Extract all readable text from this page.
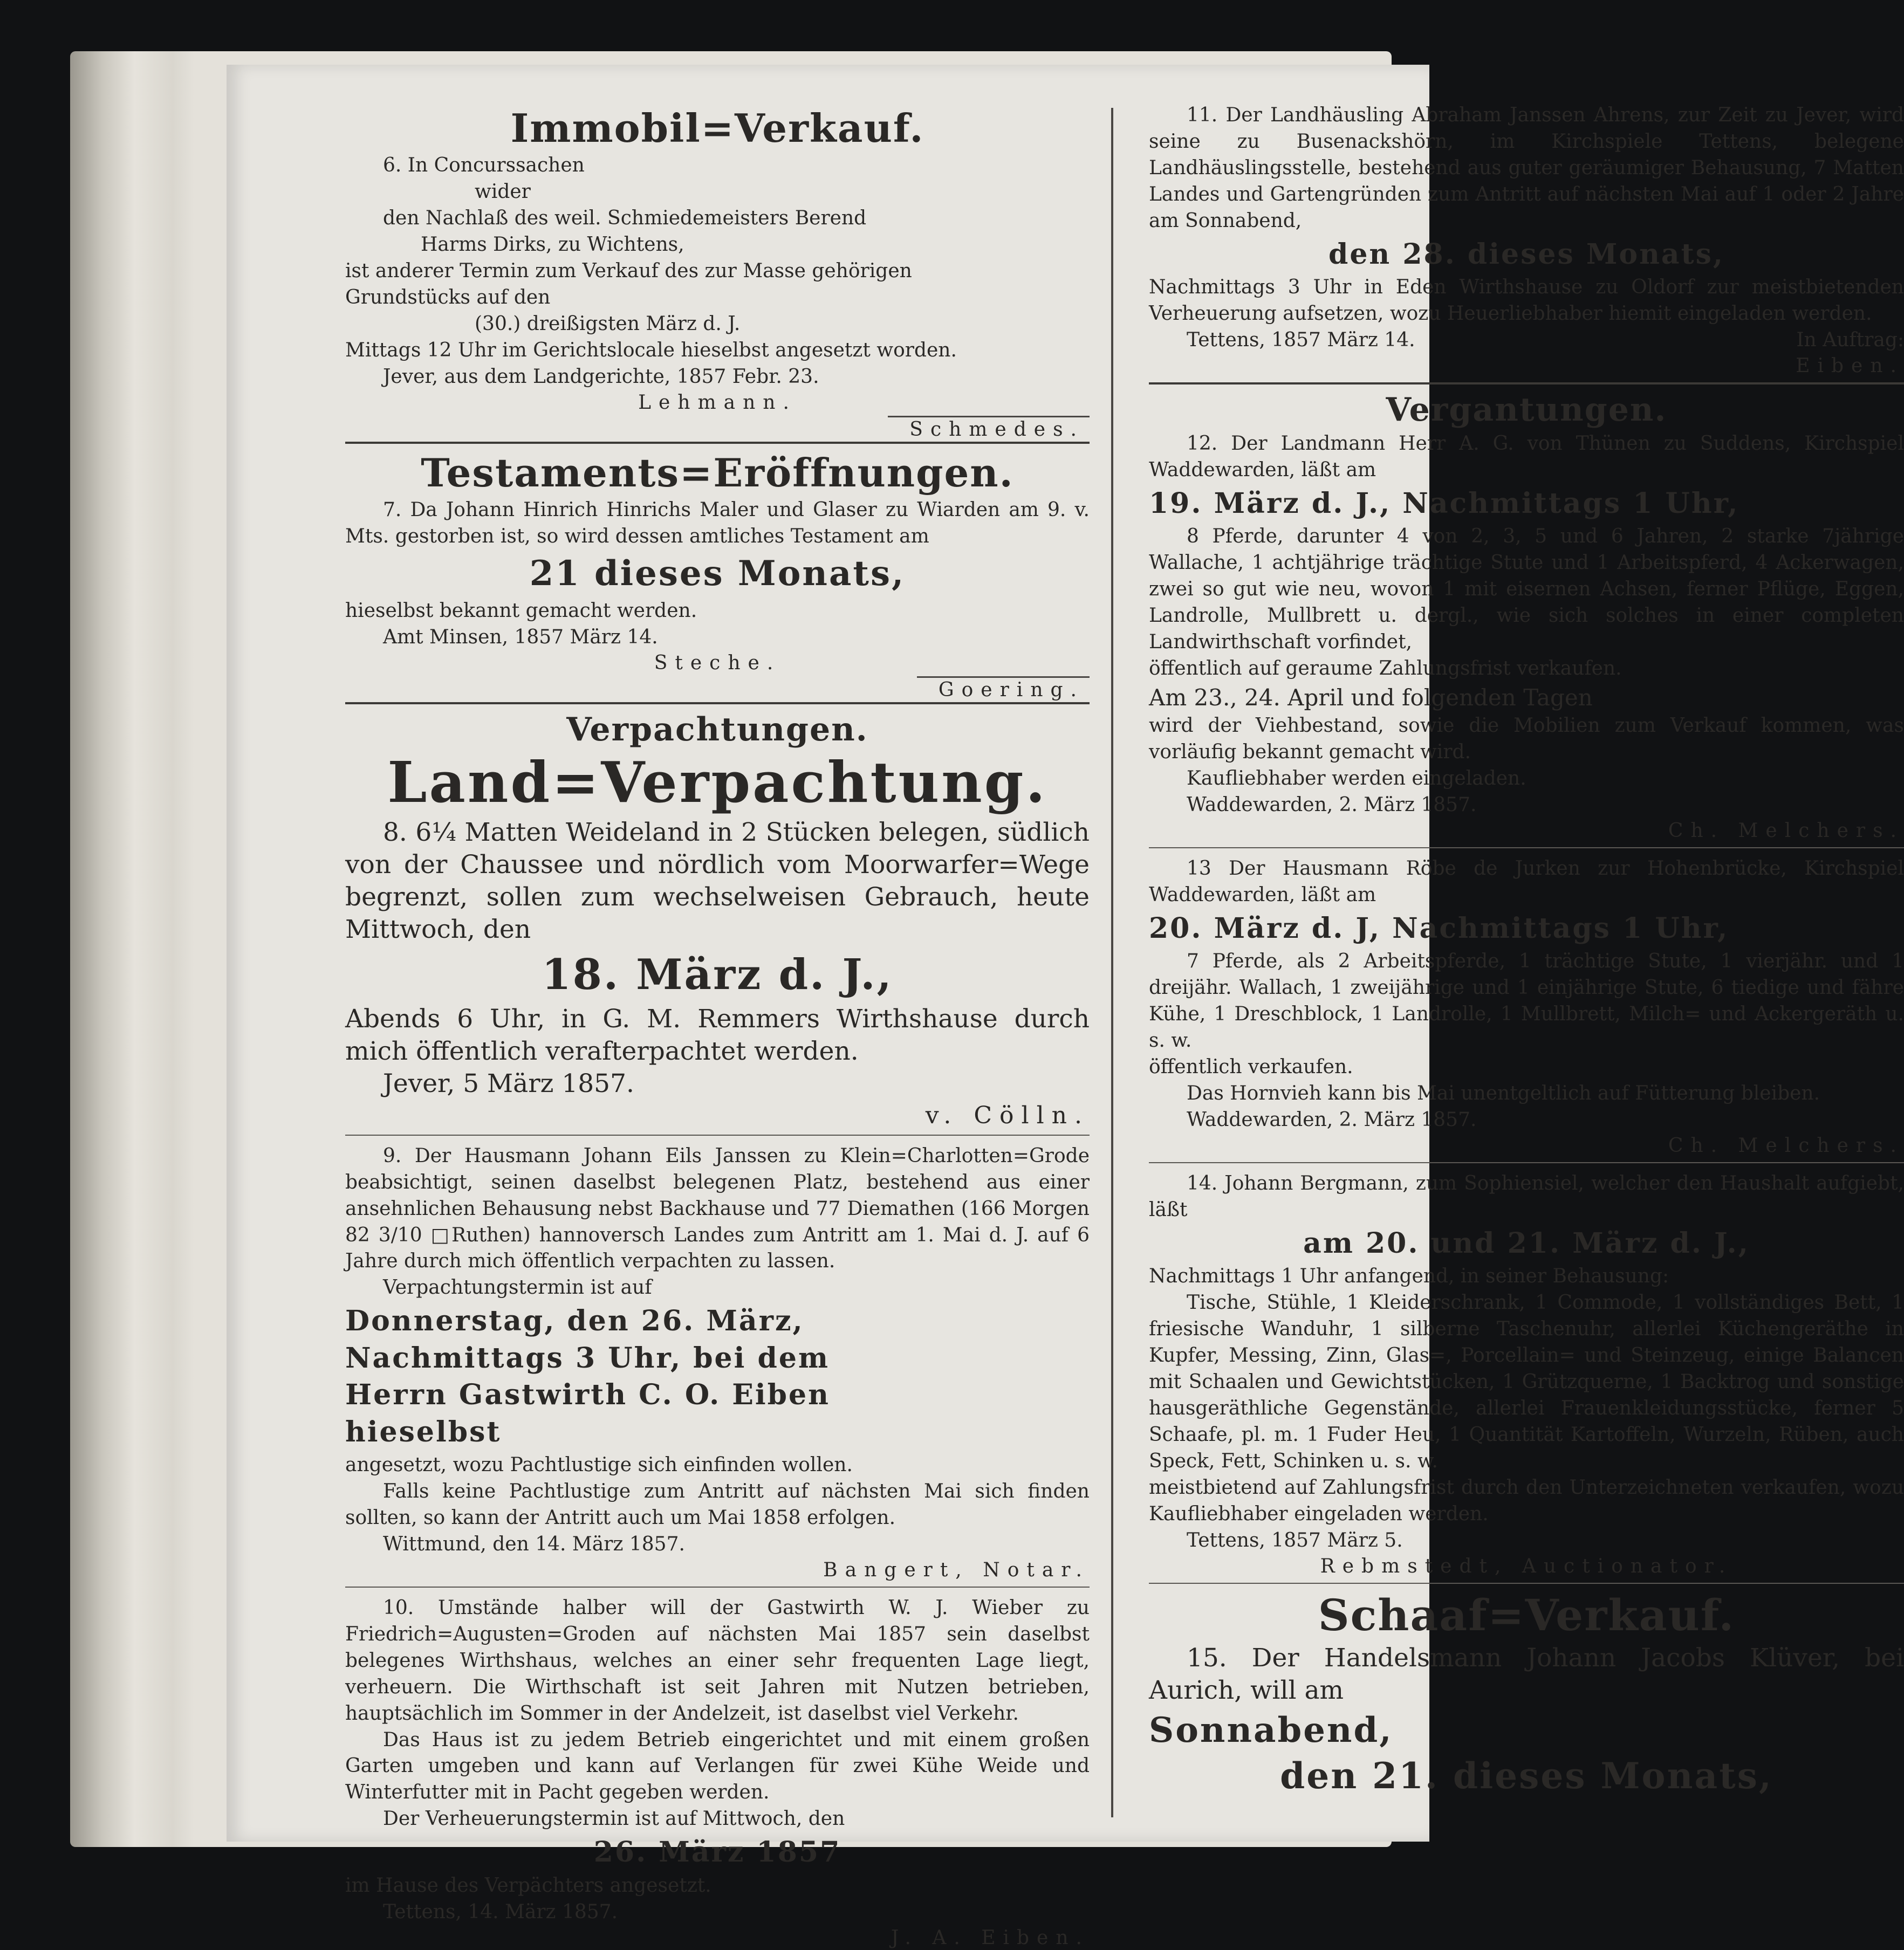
Immobil=Verkauf.

6. In Concurssachen

wider

den Nachlaß des weil. Schmiedemeisters Berend

Harms Dirks, zu Wichtens,

ist anderer Termin zum Verkauf des zur Masse gehörigen

Grundstücks auf den

(30.) dreißigsten März d. J.

Mittags 12 Uhr im Gerichtslocale hieselbst angesetzt worden.

Jever, aus dem Landgerichte, 1857 Febr. 23.

Lehmann.

Schmedes.
Testaments=Eröffnungen.

7. Da Johann Hinrich Hinrichs Maler und Glaser zu Wiarden am 9. v. Mts. gestorben ist, so wird dessen amtliches Testament am

21 dieses Monats,

hieselbst bekannt gemacht werden.

Amt Minsen, 1857 März 14.

Steche.

Goering.
Verpachtungen.
Land=Verpachtung.

8. 6¼ Matten Weideland in 2 Stücken belegen, südlich von der Chaussee und nördlich vom Moorwarfer=Wege begrenzt, sollen zum wechselweisen Gebrauch, heute Mittwoch, den

18. März d. J.,

Abends 6 Uhr, in G. M. Remmers Wirthshause durch mich öffentlich verafterpachtet werden.

Jever, 5 März 1857.

v. Cölln.

9. Der Hausmann Johann Eils Janssen zu Klein=Charlotten=Grode beabsichtigt, seinen daselbst belegenen Platz, bestehend aus einer ansehnlichen Behausung nebst Backhause und 77 Diemathen (166 Morgen 82 3/10 □Ruthen) hannoversch Landes zum Antritt am 1. Mai d. J. auf 6 Jahre durch mich öffentlich verpachten zu lassen.

Verpachtungstermin ist auf

Donnerstag, den 26. März,
Nachmittags 3 Uhr, bei dem
Herrn Gastwirth C. O. Eiben
hieselbst

angesetzt, wozu Pachtlustige sich einfinden wollen.

Falls keine Pachtlustige zum Antritt auf nächsten Mai sich finden sollten, so kann der Antritt auch um Mai 1858 erfolgen.

Wittmund, den 14. März 1857.

Bangert, Notar.

10. Umstände halber will der Gastwirth W. J. Wieber zu Friedrich=Augusten=Groden auf nächsten Mai 1857 sein daselbst belegenes Wirthshaus, welches an einer sehr frequenten Lage liegt, verheuern. Die Wirthschaft ist seit Jahren mit Nutzen betrieben, hauptsächlich im Sommer in der Andelzeit, ist daselbst viel Verkehr.

Das Haus ist zu jedem Betrieb eingerichtet und mit einem großen Garten umgeben und kann auf Verlangen für zwei Kühe Weide und Winterfutter mit in Pacht gegeben werden.

Der Verheuerungstermin ist auf Mittwoch, den

26. März 1857

im Hause des Verpächters angesetzt.

Tettens, 14. März 1857.

J. A. Eiben.

11. Der Landhäusling Abraham Janssen Ahrens, zur Zeit zu Jever, wird seine zu Busenackshörn, im Kirchspiele Tettens, belegene Landhäuslingsstelle, bestehend aus guter geräumiger Behausung, 7 Matten Landes und Gartengründen zum Antritt auf nächsten Mai auf 1 oder 2 Jahre am Sonnabend,

den 28. dieses Monats,

Nachmittags 3 Uhr in Eden Wirthshause zu Oldorf zur meistbietenden Verheuerung aufsetzen, wozu Heuerliebhaber hiemit eingeladen werden.

Tettens, 1857 März 14.	In Auftrag:

Eiben.

Vergantungen.

12. Der Landmann Herr A. G. von Thünen zu Suddens, Kirchspiel Waddewarden, läßt am

19. März d. J., Nachmittags 1 Uhr,

8 Pferde, darunter 4 von 2, 3, 5 und 6 Jahren, 2 starke 7jährige Wallache, 1 achtjährige trächtige Stute und 1 Arbeitspferd, 4 Ackerwagen, zwei so gut wie neu, wovon 1 mit eisernen Achsen, ferner Pflüge, Eggen, Landrolle, Mullbrett u. dergl., wie sich solches in einer completen Landwirthschaft vorfindet,

öffentlich auf geraume Zahlungsfrist verkaufen.

Am 23., 24. April und folgenden Tagen

wird der Viehbestand, sowie die Mobilien zum Verkauf kommen, was vorläufig bekannt gemacht wird.

Kaufliebhaber werden eingeladen.

Waddewarden, 2. März 1857.

Ch. Melchers.

13 Der Hausmann Röbe de Jurken zur Hohenbrücke, Kirchspiel Waddewarden, läßt am

20. März d. J, Nachmittags 1 Uhr,

7 Pferde, als 2 Arbeitspferde, 1 trächtige Stute, 1 vierjähr. und 1 dreijähr. Wallach, 1 zweijährige und 1 einjährige Stute, 6 tiedige und fähre Kühe, 1 Dreschblock, 1 Landrolle, 1 Mullbrett, Milch= und Ackergeräth u. s. w.

öffentlich verkaufen.

Das Hornvieh kann bis Mai unentgeltlich auf Fütterung bleiben.

Waddewarden, 2. März 1857.

Ch. Melchers.

14. Johann Bergmann, zum Sophiensiel, welcher den Haushalt aufgiebt, läßt

am 20. und 21. März d. J.,

Nachmittags 1 Uhr anfangend, in seiner Behausung:

Tische, Stühle, 1 Kleiderschrank, 1 Commode, 1 vollständiges Bett, 1 friesische Wanduhr, 1 silberne Taschenuhr, allerlei Küchengeräthe in Kupfer, Messing, Zinn, Glas=, Porcellain= und Steinzeug, einige Balancen mit Schaalen und Gewichtstücken, 1 Grützquerne, 1 Backtrog und sonstige hausgeräthliche Gegenstände, allerlei Frauenkleidungsstücke, ferner 5 Schaafe, pl. m. 1 Fuder Heu, 1 Quantität Kartoffeln, Wurzeln, Rüben, auch Speck, Fett, Schinken u. s. w.

meistbietend auf Zahlungsfrist durch den Unterzeichneten verkaufen, wozu Kaufliebhaber eingeladen werden.

Tettens, 1857 März 5.

Rebmstedt, Auctionator.

Schaaf=Verkauf.

15. Der Handelsmann Johann Jacobs Klüver, bei Aurich, will am

Sonnabend,
den 21. dieses Monats,
